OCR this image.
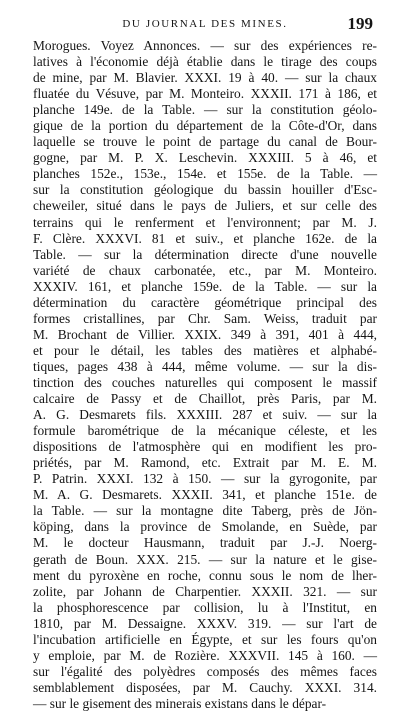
DU JOURNAL DES MINES.	199
Morogues. Voyez Annonces. — sur des expériences re-
latives à l'économie déjà établie dans le tirage des coups
de mine, par M. Blavier. XXXI. 19 à 40. — sur la chaux
fluatée du Vésuve, par M. Monteiro. XXXII. 171 à 186, et
planche 149e. de la Table. — sur la constitution géolo-
gique de la portion du département de la Côte-d'Or, dans
laquelle se trouve le point de partage du canal de Bour-
gogne, par M. P. X. Leschevin. XXXIII. 5 à 46, et
planches 152e., 153e., 154e. et 155e. de la Table. —
sur la constitution géologique du bassin houiller d'Esc-
cheweiler, situé dans le pays de Juliers, et sur celle des
terrains qui le renferment et l'environnent; par M. J.
F. Clère. XXXVI. 81 et suiv., et planche 162e. de la
Table. — sur la détermination directe d'une nouvelle
variété de chaux carbonatée, etc., par M. Monteiro.
XXXIV. 161, et planche 159e. de la Table. — sur la
détermination du caractère géométrique principal des
formes cristallines, par Chr. Sam. Weiss, traduit par
M. Brochant de Villier. XXIX. 349 à 391, 401 à 444,
et pour le détail, les tables des matières et alphabé-
tiques, pages 438 à 444, même volume. — sur la dis-
tinction des couches naturelles qui composent le massif
calcaire de Passy et de Chaillot, près Paris, par M.
A. G. Desmarets fils. XXXIII. 287 et suiv. — sur la
formule barométrique de la mécanique céleste, et les
dispositions de l'atmosphère qui en modifient les pro-
priétés, par M. Ramond, etc. Extrait par M. E. M.
P. Patrin. XXXI. 132 à 150. — sur la gyrogonite, par
M. A. G. Desmarets. XXXII. 341, et planche 151e. de
la Table. — sur la montagne dite Taberg, près de Jön-
köping, dans la province de Smolande, en Suède, par
M. le docteur Hausmann, traduit par J.-J. Noerg-
gerath de Boun. XXX. 215. — sur la nature et le gise-
ment du pyroxène en roche, connu sous le nom de lher-
zolite, par Johann de Charpentier. XXXII. 321. — sur
la phosphorescence par collision, lu à l'Institut, en
1810, par M. Dessaigne. XXXV. 319. — sur l'art de
l'incubation artificielle en Égypte, et sur les fours qu'on
y emploie, par M. de Rozière. XXXVII. 145 à 160. —
sur l'égalité des polyèdres composés des mêmes faces
semblablement disposées, par M. Cauchy. XXXI. 314.
— sur le gisement des minerais existans dans le dépar-
